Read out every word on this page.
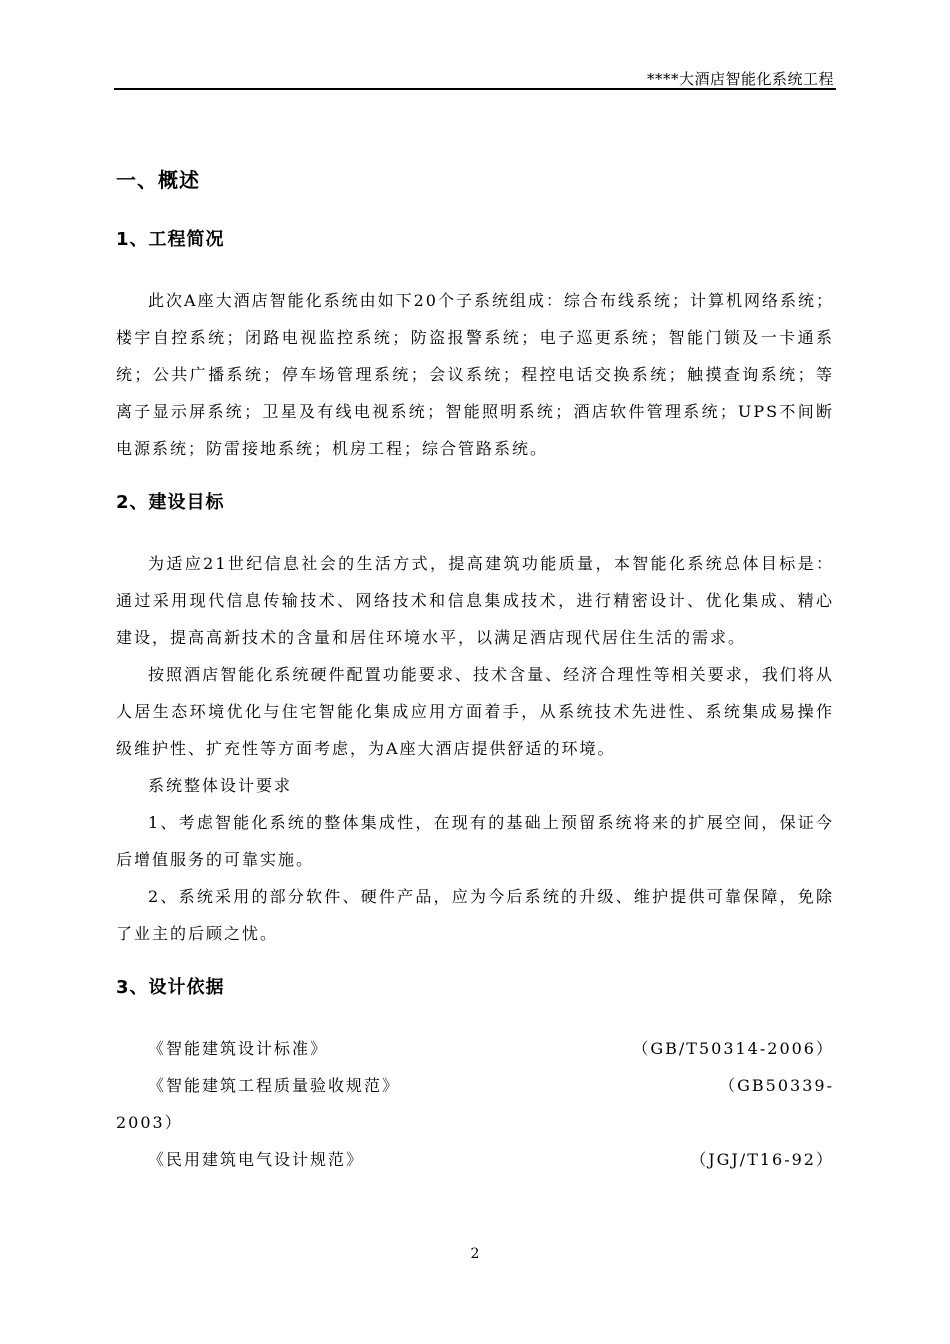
****大酒店智能化系统工程
一、概述
1、工程简况

此次A座大酒店智能化系统由如下20个子系统组成：综合布线系统；计算机网络系统；楼宇自控系统；闭路电视监控系统；防盗报警系统；电子巡更系统；智能门锁及一卡通系统；公共广播系统；停车场管理系统；会议系统；程控电话交换系统；触摸查询系统；等离子显示屏系统；卫星及有线电视系统；智能照明系统；酒店软件管理系统；UPS不间断电源系统；防雷接地系统；机房工程；综合管路系统。

2、建设目标

为适应21世纪信息社会的生活方式，提高建筑功能质量，本智能化系统总体目标是：通过采用现代信息传输技术、网络技术和信息集成技术，进行精密设计、优化集成、精心建设，提高高新技术的含量和居住环境水平，以满足酒店现代居住生活的需求。

按照酒店智能化系统硬件配置功能要求、技术含量、经济合理性等相关要求，我们将从人居生态环境优化与住宅智能化集成应用方面着手，从系统技术先进性、系统集成易操作级维护性、扩充性等方面考虑，为A座大酒店提供舒适的环境。

系统整体设计要求

1、考虑智能化系统的整体集成性，在现有的基础上预留系统将来的扩展空间，保证今后增值服务的可靠实施。

2、系统采用的部分软件、硬件产品，应为今后系统的升级、维护提供可靠保障，免除了业主的后顾之忧。

3、设计依据
《智能建筑设计标准》	（GB/T50314-2006）
《智能建筑工程质量验收规范》	（GB50339-
2003）
《民用建筑电气设计规范》	（JGJ/T16-92）
2
